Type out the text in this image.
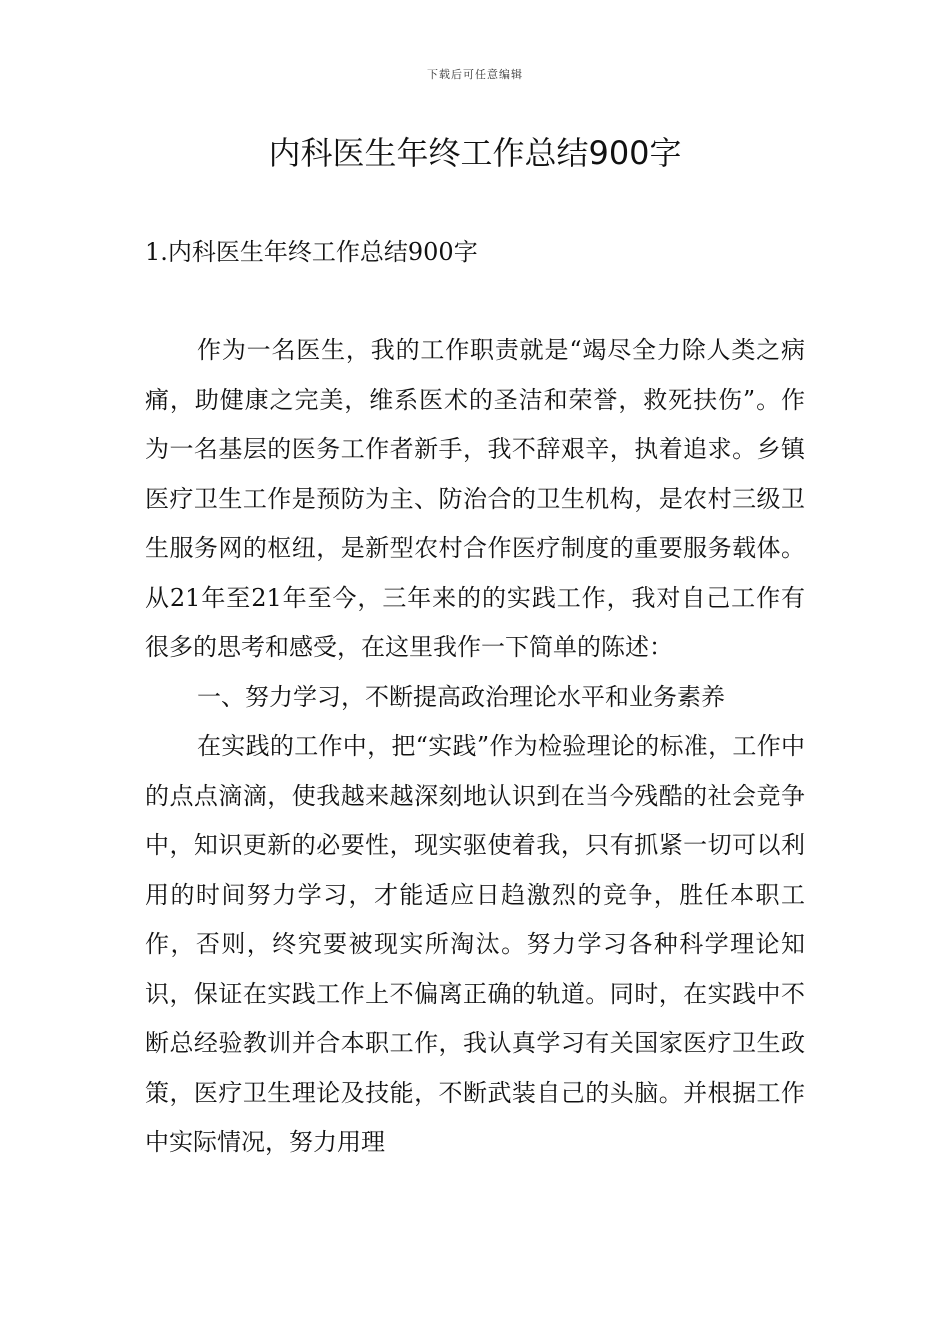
下载后可任意编辑
内科医生年终工作总结900字
1.内科医生年终工作总结900字

作为一名医生，我的工作职责就是“竭尽全力除人类之病痛，助健康之完美，维系医术的圣洁和荣誉，救死扶伤”。作为一名基层的医务工作者新手，我不辞艰辛，执着追求。乡镇医疗卫生工作是预防为主、防治合的卫生机构，是农村三级卫生服务网的枢纽，是新型农村合作医疗制度的重要服务载体。从21年至21年至今，三年来的的实践工作，我对自己工作有很多的思考和感受，在这里我作一下简单的陈述：

一、努力学习，不断提高政治理论水平和业务素养

在实践的工作中，把“实践”作为检验理论的标准，工作中的点点滴滴，使我越来越深刻地认识到在当今残酷的社会竞争中，知识更新的必要性，现实驱使着我，只有抓紧一切可以利用的时间努力学习，才能适应日趋激烈的竞争，胜任本职工作，否则，终究要被现实所淘汰。努力学习各种科学理论知识，保证在实践工作上不偏离正确的轨道。同时，在实践中不断总经验教训并合本职工作，我认真学习有关国家医疗卫生政策，医疗卫生理论及技能，不断武装自己的头脑。并根据工作中实际情况，努力用理
